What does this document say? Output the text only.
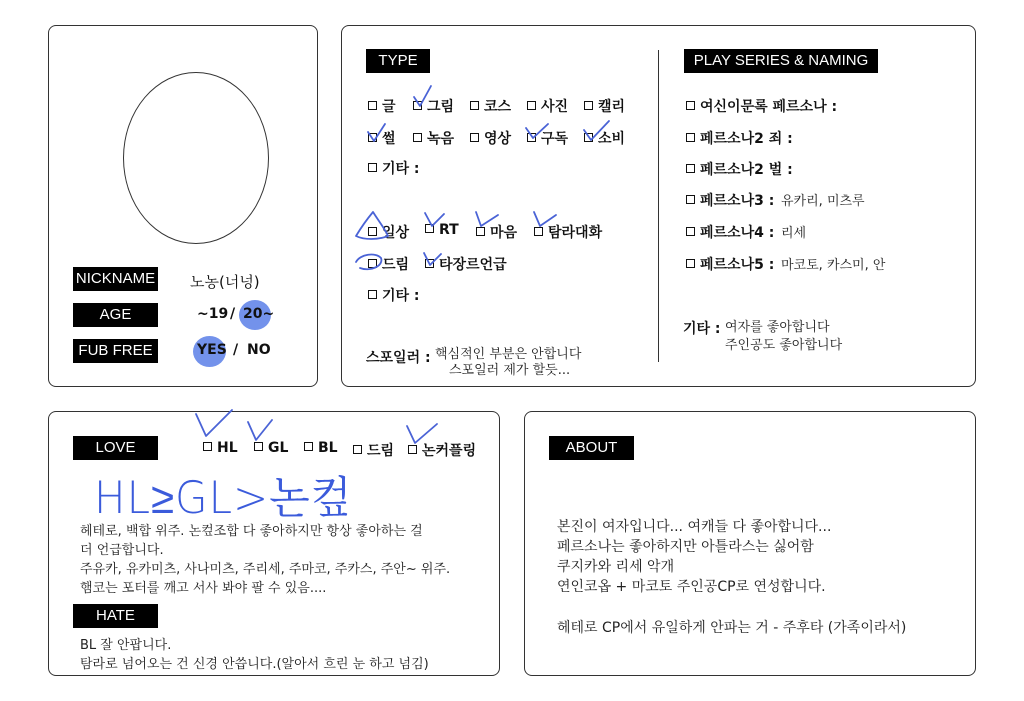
NICKNAME 노농(너넝)
AGE	~19 / 20~
FUB FREE	YES / NO
TYPE
글	그림	코스	사진	캘리
썰	녹음	영상	구독	소비
기타 :
일상	RT	마음	탐라대화
드림	타장르언급
기타 :
스포일러 : 핵심적인 부분은 안합니다
스포일러 제가 할듯...
PLAY SERIES & NAMING
여신이문록 페르소나 :
페르소나2 죄 :
페르소나2 벌 :
페르소나3 : 유카리, 미츠루
페르소나4 : 리세
페르소나5 : 마코토, 카스미, 안
기타 : 여자를 좋아합니다
주인공도 좋아합니다
LOVE	HL	GL	BL	드림	논커플링
HL≥GL>논컾
헤테로, 백합 위주. 논컾조합 다 좋아하지만 항상 좋아하는 걸
더 언급합니다.
주유카, 유카미츠, 사나미츠, 주리세, 주마코, 주카스, 주안~ 위주.
햄코는 포터를 깨고 서사 봐야 팔 수 있음....
HATE
BL 잘 안팝니다.
탐라로 넘어오는 건 신경 안씁니다.(알아서 흐린 눈 하고 넘김)
ABOUT
본진이 여자입니다... 여캐들 다 좋아합니다...
페르소나는 좋아하지만 아틀라스는 싫어함
쿠지카와 리세 악개
연인코옵 + 마코토 주인공CP로 연성합니다.
헤테로 CP에서 유일하게 안파는 거 - 주후타 (가족이라서)
